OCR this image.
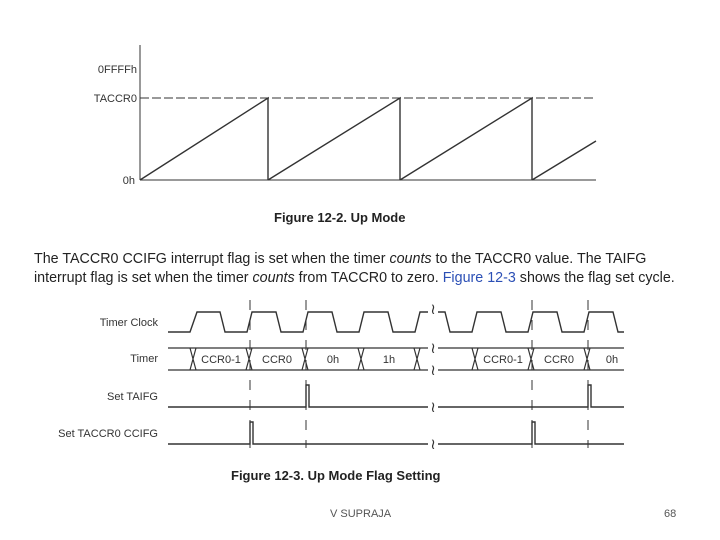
0FFFFh
TACCR0
0h
Figure 12-2. Up Mode
Timer Clock
Timer
Set TAIFG
Set TACCR0 CCIFG
CCR0-1 CCR0	0h	1h	CCR0-1 CCR0	0h
≀
≀
≀
≀
≀
Figure 12-3. Up Mode Flag Setting
The TACCR0 CCIFG interrupt flag is set when the timer counts to the TACCR0 value. The TAIFG interrupt flag is set when the timer counts from TACCR0 to zero. Figure 12-3 shows the flag set cycle.
V SUPRAJA	68
